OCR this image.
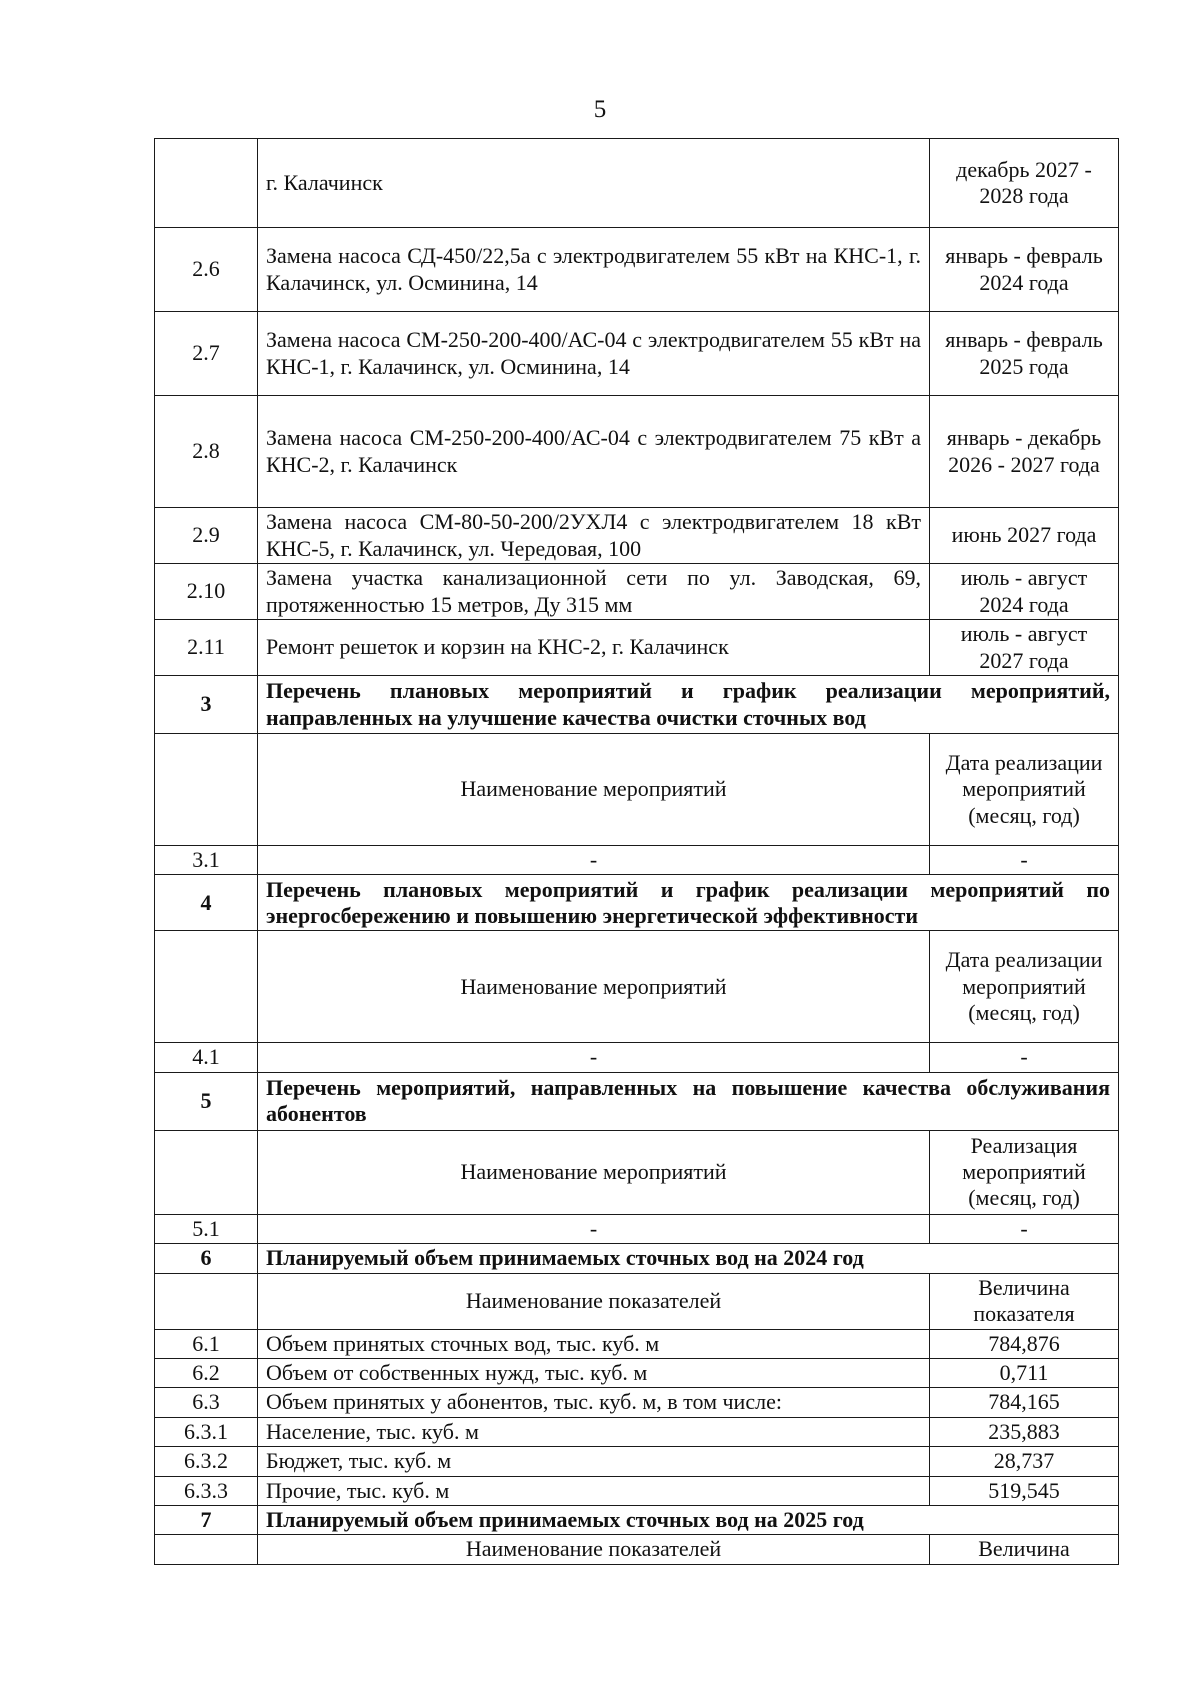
5
	г. Калачинск	декабрь 2027 - 2028 года
2.6	Замена насоса СД-450/22,5а с электродвигателем 55 кВт на КНС-1, г. Калачинск, ул. Осминина, 14	январь - февраль 2024 года
2.7	Замена насоса СМ-250-200-400/АС-04 с электродвигателем 55 кВт на КНС-1, г. Калачинск, ул. Осминина, 14	январь - февраль 2025 года
2.8	Замена насоса СМ-250-200-400/АС-04 с электродвигателем 75 кВт а КНС-2, г. Калачинск	январь - декабрь 2026 - 2027 года
2.9	Замена насоса СМ-80-50-200/2УХЛ4 с электродвигателем 18 кВт КНС-5, г. Калачинск, ул. Чередовая, 100	июнь 2027 года
2.10	Замена участка канализационной сети по ул. Заводская, 69, протяженностью 15 метров, Ду 315 мм	июль - август 2024 года
2.11	Ремонт решеток и корзин на КНС-2, г. Калачинск	июль - август 2027 года
3	Перечень плановых мероприятий и график реализации мероприятий, направленных на улучшение качества очистки сточных вод	
	Наименование мероприятий	Дата реализации мероприятий (месяц, год)
3.1	-	-
4	Перечень плановых мероприятий и график реализации мероприятий по энергосбережению и повышению энергетической эффективности	
	Наименование мероприятий	Дата реализации мероприятий (месяц, год)
4.1	-	-
5	Перечень мероприятий, направленных на повышение качества обслуживания абонентов	
	Наименование мероприятий	Реализация мероприятий (месяц, год)
5.1	-	-
6	Планируемый объем принимаемых сточных вод на 2024 год	
	Наименование показателей	Величина показателя
6.1	Объем принятых сточных вод, тыс. куб. м	784,876
6.2	Объем от собственных нужд, тыс. куб. м	0,711
6.3	Объем принятых у абонентов, тыс. куб. м, в том числе:	784,165
6.3.1	Население, тыс. куб. м	235,883
6.3.2	Бюджет, тыс. куб. м	28,737
6.3.3	Прочие, тыс. куб. м	519,545
7	Планируемый объем принимаемых сточных вод на 2025 год	
	Наименование показателей	Величина
